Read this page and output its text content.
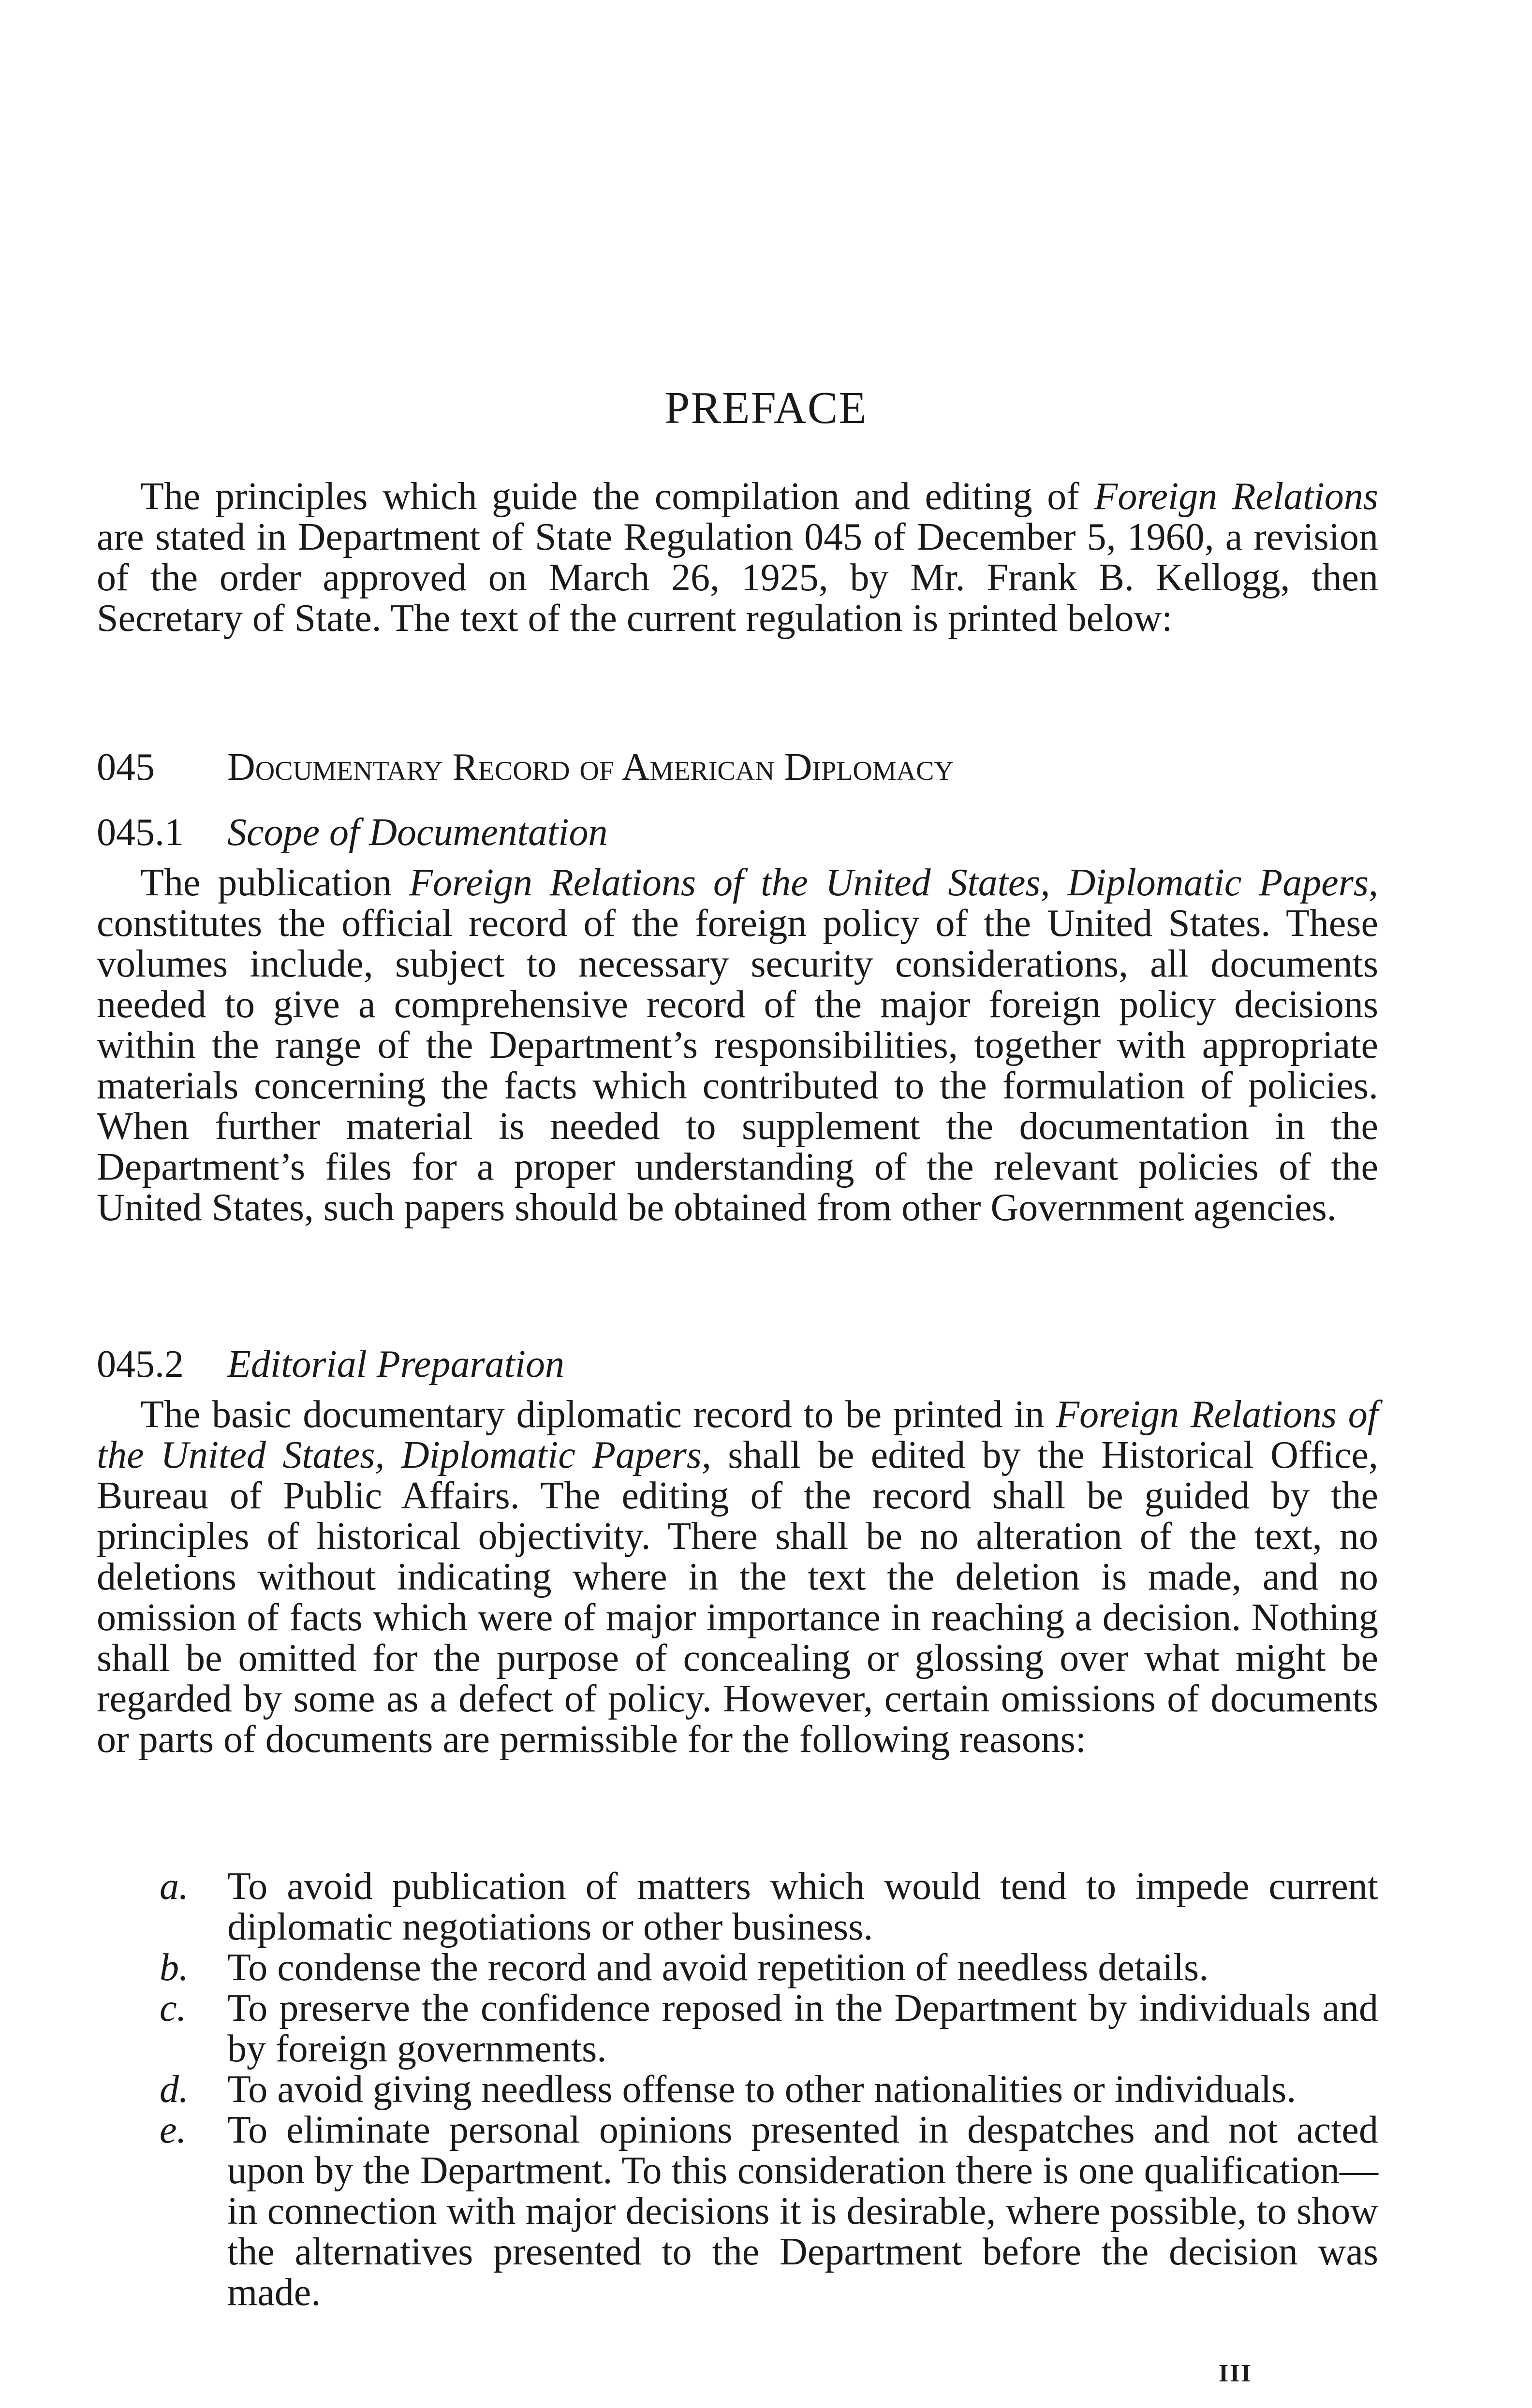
PREFACE

The principles which guide the compilation and editing of Foreign Relations are stated in Department of State Regulation 045 of December 5, 1960, a revision of the order approved on March 26, 1925, by Mr. Frank B. Kellogg, then Secretary of State. The text of the current regulation is printed below:

045 Documentary Record of American Diplomacy

045.1 Scope of Documentation

The publication Foreign Relations of the United States, Diplomatic Papers, constitutes the official record of the foreign policy of the United States. These volumes include, subject to necessary security considerations, all documents needed to give a comprehensive record of the major foreign policy decisions within the range of the Department’s responsibilities, together with appropriate materials concerning the facts which contributed to the formulation of policies. When further material is needed to supplement the documentation in the Department’s files for a proper understanding of the relevant policies of the United States, such papers should be obtained from other Government agencies.

045.2 Editorial Preparation

The basic documentary diplomatic record to be printed in Foreign Relations of the United States, Diplomatic Papers, shall be edited by the Historical Office, Bureau of Public Affairs. The editing of the record shall be guided by the principles of historical objectivity. There shall be no alteration of the text, no deletions without indicating where in the text the deletion is made, and no omission of facts which were of major importance in reaching a decision. Nothing shall be omitted for the purpose of concealing or glossing over what might be regarded by some as a defect of policy. However, certain omissions of documents or parts of documents are permissible for the following reasons:

a. To avoid publication of matters which would tend to impede current diplomatic negotiations or other business.
b. To condense the record and avoid repetition of needless details.
c. To preserve the confidence reposed in the Department by individuals and by foreign governments.
d. To avoid giving needless offense to other nationalities or individuals.
e. To eliminate personal opinions presented in despatches and not acted upon by the Department. To this consideration there is one qualification—in connection with major decisions it is desirable, where possible, to show the alternatives presented to the Department before the decision was made.
III
